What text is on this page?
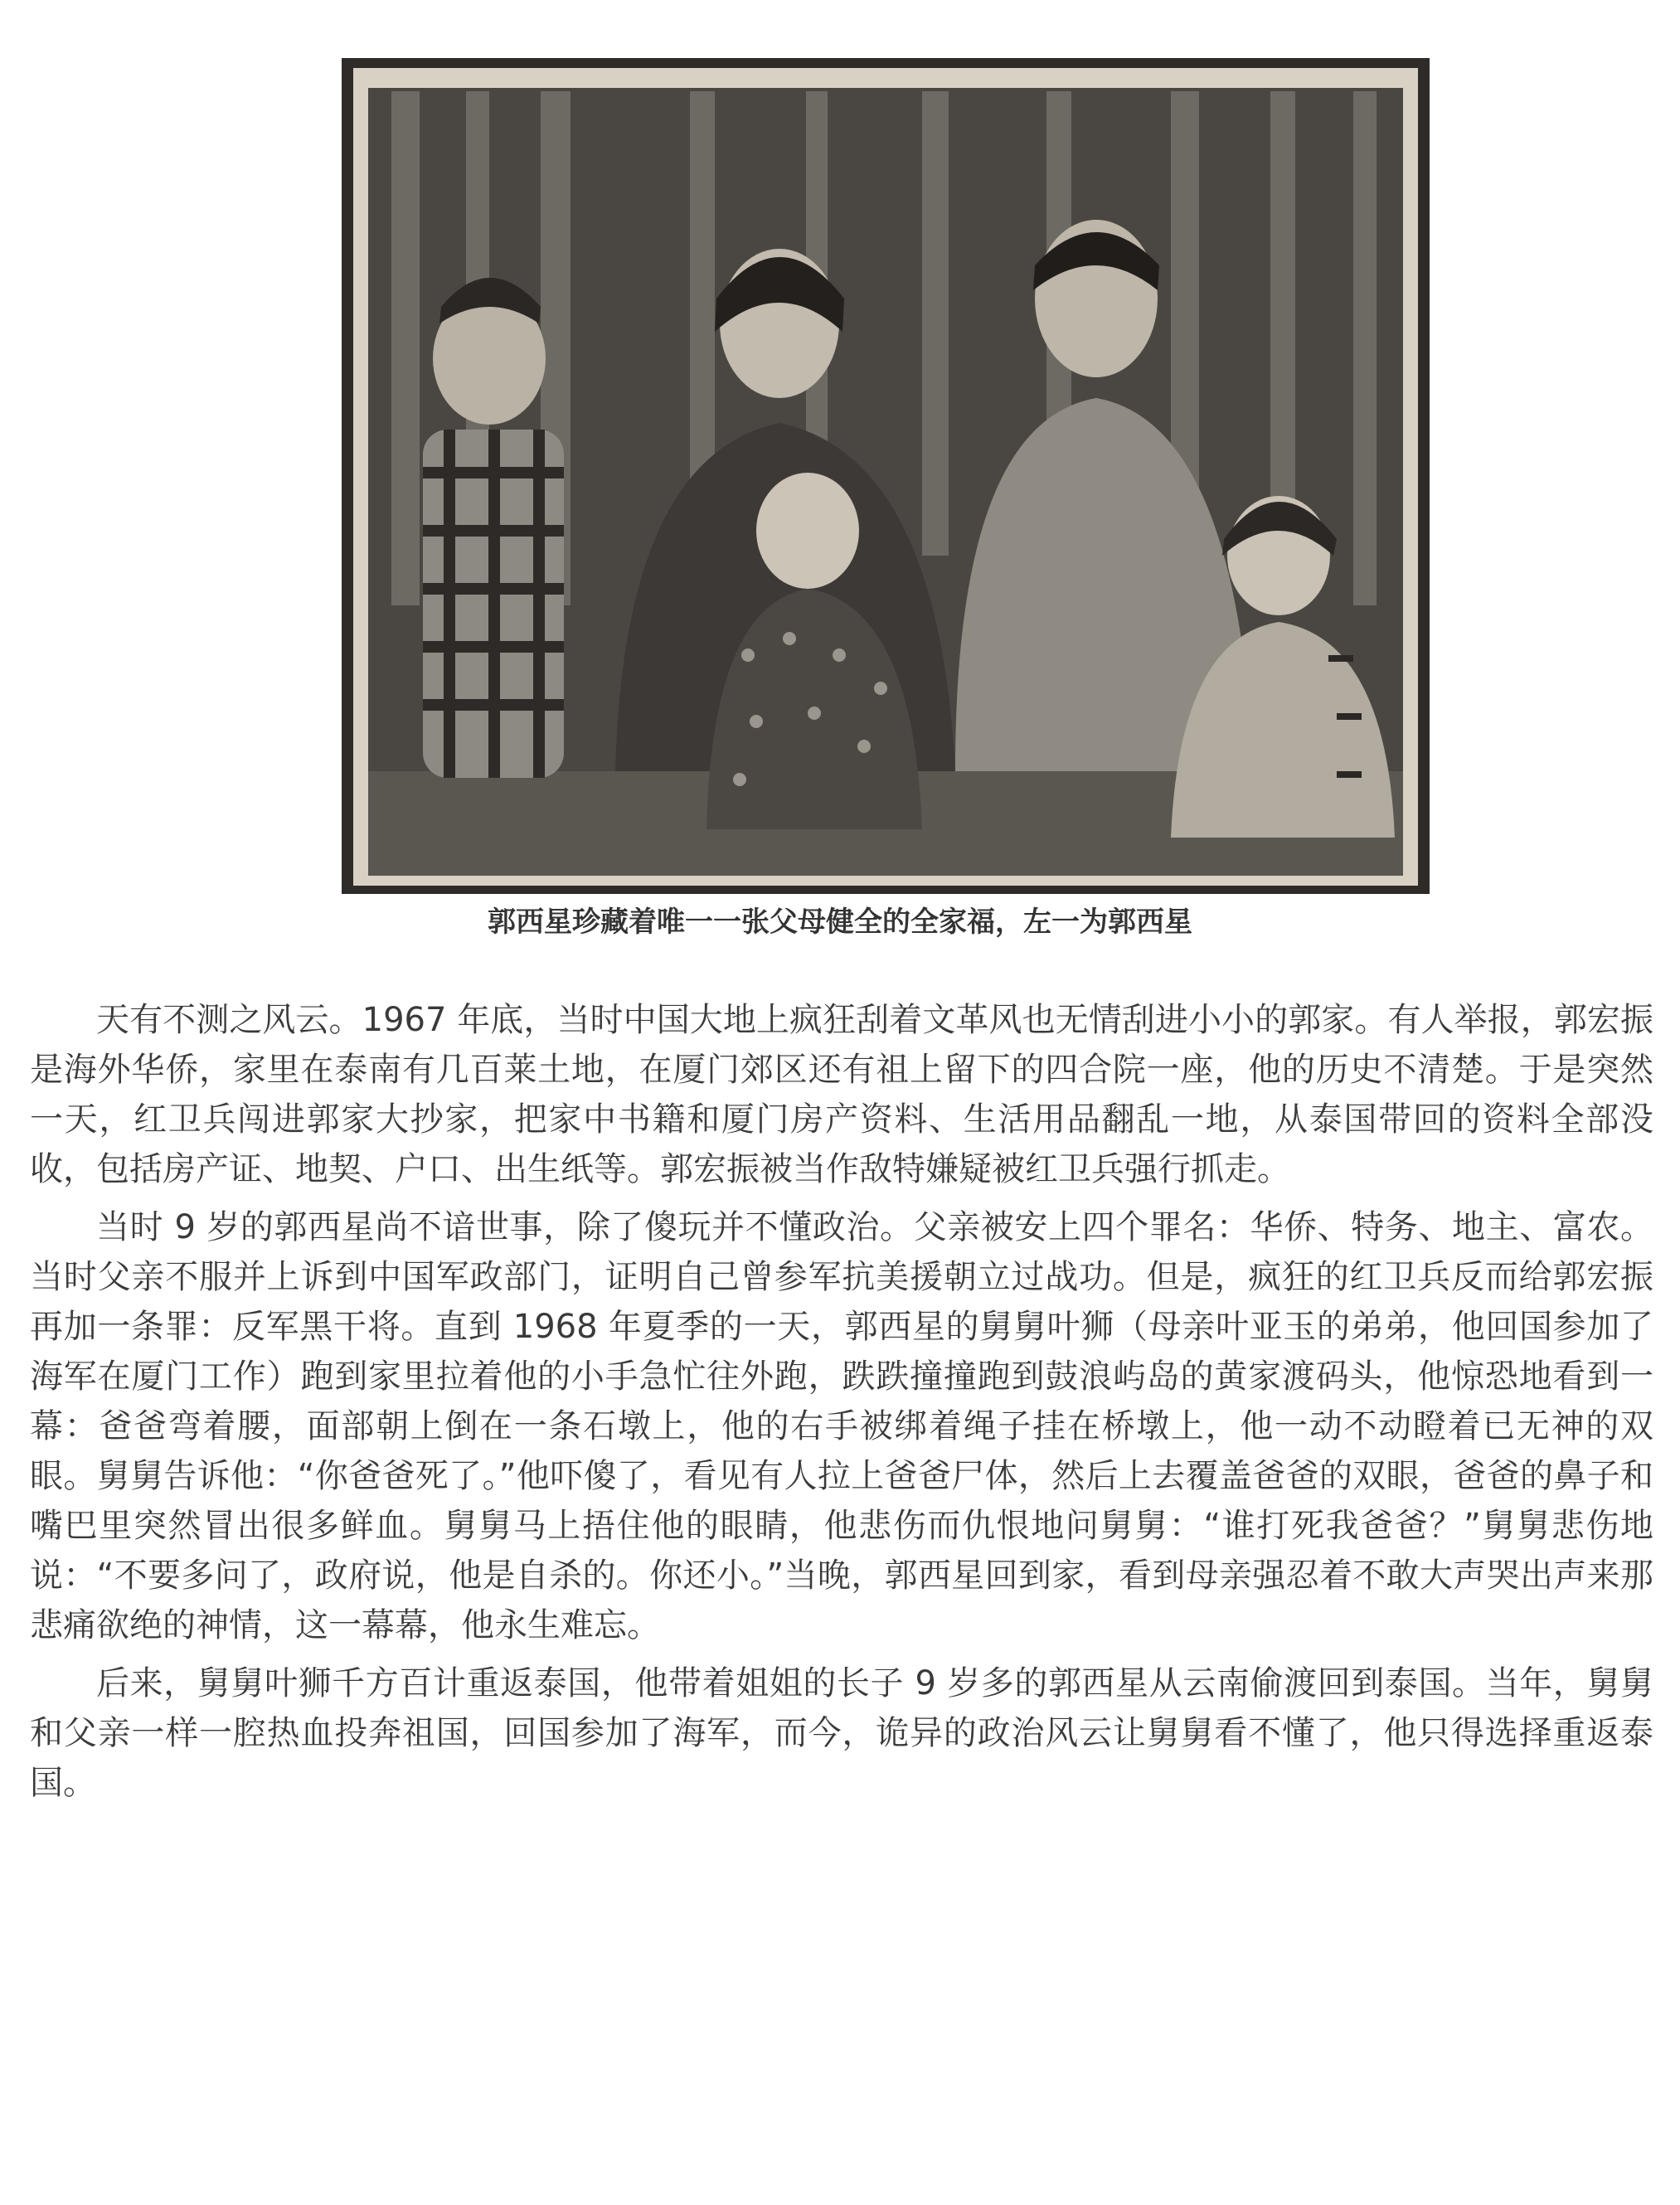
郭西星珍藏着唯一一张父母健全的全家福，左一为郭西星

天有不测之风云。1967 年底，当时中国大地上疯狂刮着文革风也无情刮进小小的郭家。有人举报，郭宏振是海外华侨，家里在泰南有几百莱土地，在厦门郊区还有祖上留下的四合院一座，他的历史不清楚。于是突然一天，红卫兵闯进郭家大抄家，把家中书籍和厦门房产资料、生活用品翻乱一地，从泰国带回的资料全部没收，包括房产证、地契、户口、出生纸等。郭宏振被当作敌特嫌疑被红卫兵强行抓走。

当时 9 岁的郭西星尚不谙世事，除了傻玩并不懂政治。父亲被安上四个罪名：华侨、特务、地主、富农。当时父亲不服并上诉到中国军政部门，证明自己曾参军抗美援朝立过战功。但是，疯狂的红卫兵反而给郭宏振再加一条罪：反军黑干将。直到 1968 年夏季的一天，郭西星的舅舅叶狮（母亲叶亚玉的弟弟，他回国参加了海军在厦门工作）跑到家里拉着他的小手急忙往外跑，跌跌撞撞跑到鼓浪屿岛的黄家渡码头，他惊恐地看到一幕：爸爸弯着腰，面部朝上倒在一条石墩上，他的右手被绑着绳子挂在桥墩上，他一动不动瞪着已无神的双眼。舅舅告诉他：“你爸爸死了。”他吓傻了，看见有人拉上爸爸尸体，然后上去覆盖爸爸的双眼，爸爸的鼻子和嘴巴里突然冒出很多鲜血。舅舅马上捂住他的眼睛，他悲伤而仇恨地问舅舅：“谁打死我爸爸？”舅舅悲伤地说：“不要多问了，政府说，他是自杀的。你还小。”当晚，郭西星回到家，看到母亲强忍着不敢大声哭出声来那悲痛欲绝的神情，这一幕幕，他永生难忘。

后来，舅舅叶狮千方百计重返泰国，他带着姐姐的长子 9 岁多的郭西星从云南偷渡回到泰国。当年，舅舅和父亲一样一腔热血投奔祖国，回国参加了海军，而今，诡异的政治风云让舅舅看不懂了，他只得选择重返泰国。
